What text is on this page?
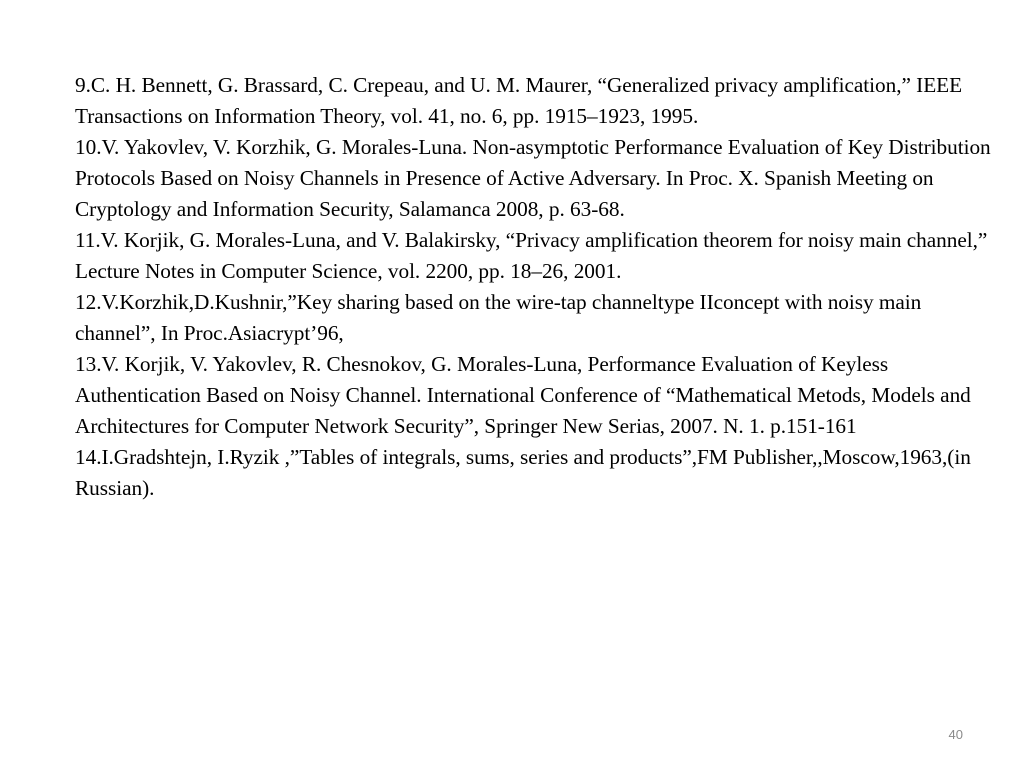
9.C. H. Bennett, G. Brassard, C. Crepeau, and U. M. Maurer, “Generalized privacy amplification,” IEEE Transactions on Information Theory, vol. 41, no. 6, pp. 1915–1923, 1995.
10.V. Yakovlev, V. Korzhik, G. Morales-Luna. Non-asymptotic Performance Evaluation of Key Distribution Protocols Based on Noisy Channels in Presence of Active Adversary. In Proc. X. Spanish Meeting on Cryptology and Information Security, Salamanca 2008, p. 63-68.
11.V. Korjik, G. Morales-Luna, and V. Balakirsky, “Privacy amplification theorem for noisy main channel,” Lecture Notes in Computer Science, vol. 2200, pp. 18–26, 2001.
12.V.Korzhik,D.Kushnir,”Key sharing based on the wire-tap channeltype IIconcept with noisy main channel”, In Proc.Asiacrypt’96,
13.V. Korjik, V. Yakovlev, R. Chesnokov, G. Morales-Luna, Performance Evaluation of Keyless Authentication Based on Noisy Channel. International Conference of “Mathematical Metods, Models and Architectures for Computer Network Security”, Springer New Serias, 2007. N. 1. p.151-161
14.I.Gradshtejn, I.Ryzik ,”Tables of integrals, sums, series and products”,FM Publisher,,Moscow,1963,(in Russian).
40
